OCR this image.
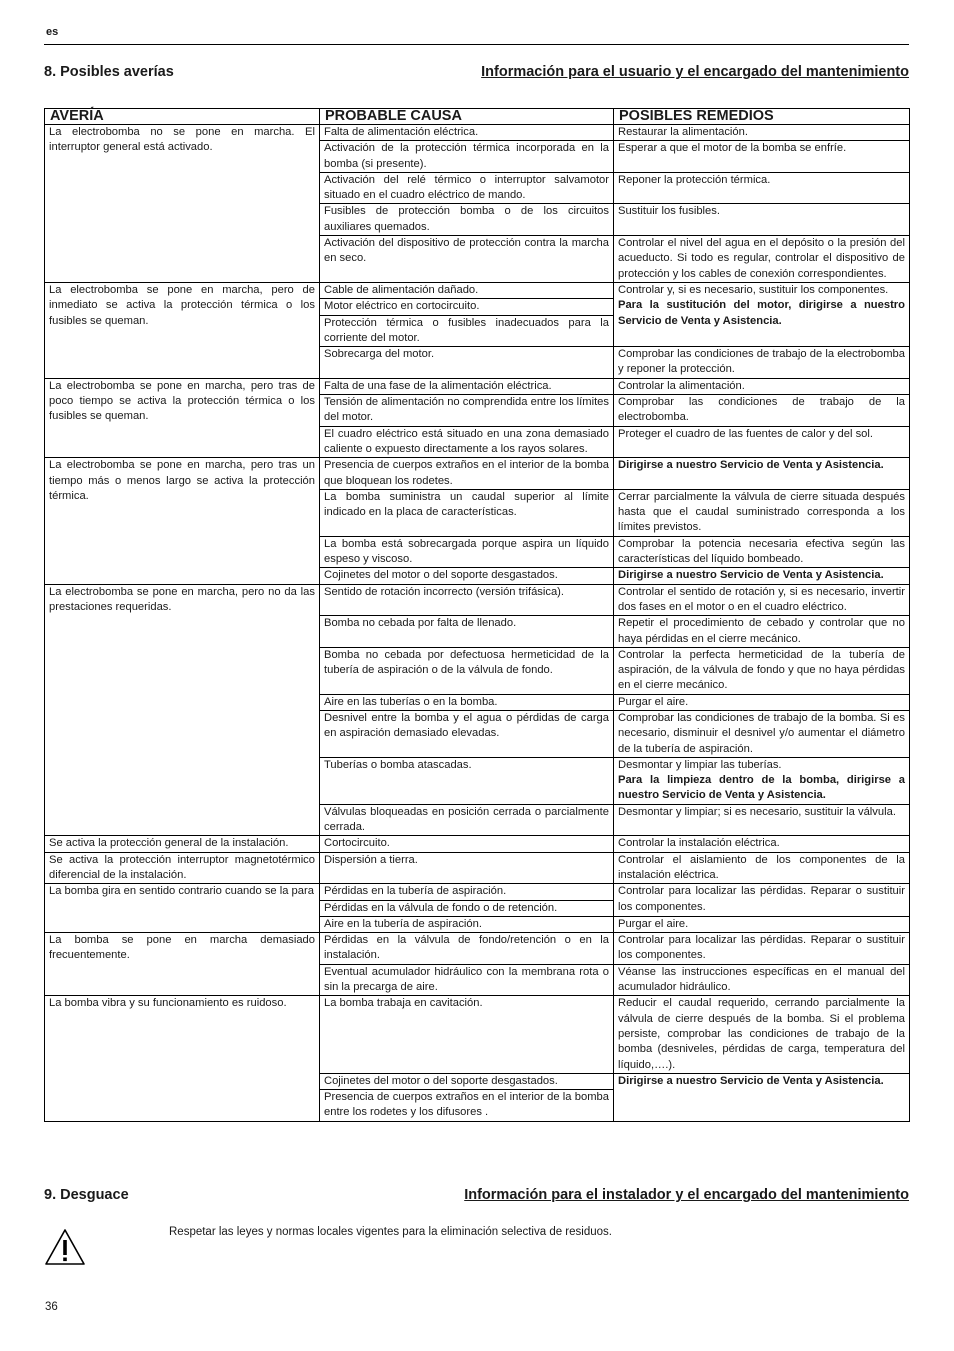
es
8. Posibles averías	Información para el usuario y el encargado del mantenimiento
AVERÍA	PROBABLE CAUSA	POSIBLES REMEDIOS
La electrobomba no se pone en marcha. El interruptor general está activado.	Falta de alimentación eléctrica.	Restaurar la alimentación.
	Activación de la protección térmica incorporada en la bomba (si presente).	Esperar a que el motor de la bomba se enfríe.
	Activación del relé térmico o interruptor salvamotor situado en el cuadro eléctrico de mando.	Reponer la protección térmica.
	Fusibles de protección bomba o de los circuitos auxiliares quemados.	Sustituir los fusibles.
	Activación del dispositivo de protección contra la marcha en seco.	Controlar el nivel del agua en el depósito o la presión del acueducto. Si todo es regular, controlar el dispositivo de protección y los cables de conexión correspondientes.
La electrobomba se pone en marcha, pero de inmediato se activa la protección térmica o los fusibles se queman.	Cable de alimentación dañado.	Controlar y, si es necesario, sustituir los componentes.
Para la sustitución del motor, dirigirse a nuestro Servicio de Venta y Asistencia.

	Motor eléctrico en cortocircuito.	
	Protección térmica o fusibles inadecuados para la corriente del motor.	
	Sobrecarga del motor.	Comprobar las condiciones de trabajo de la electrobomba y reponer la protección.
La electrobomba se pone en marcha, pero tras de poco tiempo se activa la protección térmica o los fusibles se queman.	Falta de una fase de la alimentación eléctrica.	Controlar la alimentación.
	Tensión de alimentación no comprendida entre los límites del motor.	Comprobar las condiciones de trabajo de la electrobomba.
	El cuadro eléctrico está situado en una zona demasiado caliente o expuesto directamente a los rayos solares.	Proteger el cuadro de las fuentes de calor y del sol.
La electrobomba se pone en marcha, pero tras un tiempo más o menos largo se activa la protección térmica.	Presencia de cuerpos extraños en el interior de la bomba que bloquean los rodetes.	Dirigirse a nuestro Servicio de Venta y Asistencia.

	La bomba suministra un caudal superior al límite indicado en la placa de características.	Cerrar parcialmente la válvula de cierre situada después hasta que el caudal suministrado corresponda a los límites previstos.
	La bomba está sobrecargada porque aspira un líquido espeso y viscoso.	Comprobar la potencia necesaria efectiva según las características del líquido bombeado.
	Cojinetes del motor o del soporte desgastados.	Dirigirse a nuestro Servicio de Venta y Asistencia.

La electrobomba se pone en marcha, pero no da las prestaciones requeridas.	Sentido de rotación incorrecto (versión trifásica).	Controlar el sentido de rotación y, si es necesario, invertir dos fases en el motor o en el cuadro eléctrico.
	Bomba no cebada por falta de llenado.	Repetir el procedimiento de cebado y controlar que no haya pérdidas en el cierre mecánico.
	Bomba no cebada por defectuosa hermeticidad de la tubería de aspiración o de la válvula de fondo.	Controlar la perfecta hermeticidad de la tubería de aspiración, de la válvula de fondo y que no haya pérdidas en el cierre mecánico.
	Aire en las tuberías o en la bomba.	Purgar el aire.
	Desnivel entre la bomba y el agua o pérdidas de carga en aspiración demasiado elevadas.	Comprobar las condiciones de trabajo de la bomba. Si es necesario, disminuir el desnivel y/o aumentar el diámetro de la tubería de aspiración.
	Tuberías o bomba atascadas.	Desmontar y limpiar las tuberías.
Para la limpieza dentro de la bomba, dirigirse a nuestro Servicio de Venta y Asistencia.

	Válvulas bloqueadas en posición cerrada o parcialmente cerrada.	Desmontar y limpiar; si es necesario, sustituir la válvula.
Se activa la protección general de la instalación.	Cortocircuito.	Controlar la instalación eléctrica.
Se activa la protección interruptor magnetotérmico diferencial de la instalación.	Dispersión a tierra.	Controlar el aislamiento de los componentes de la instalación eléctrica.
La bomba gira en sentido contrario cuando se la para	Pérdidas en la tubería de aspiración.	Controlar para localizar las pérdidas. Reparar o sustituir los componentes.
	Pérdidas en la válvula de fondo o de retención.	
	Aire en la tubería de aspiración.	Purgar el aire.
La bomba se pone en marcha demasiado frecuentemente.	Pérdidas en la válvula de fondo/retención o en la instalación.	Controlar para localizar las pérdidas. Reparar o sustituir los componentes.
	Eventual acumulador hidráulico con la membrana rota o sin la precarga de aire.	Véanse las instrucciones específicas en el manual del acumulador hidráulico.
La bomba vibra y su funcionamiento es ruidoso.	La bomba trabaja en cavitación.	Reducir el caudal requerido, cerrando parcialmente la válvula de cierre después de la bomba. Si el problema persiste, comprobar las condiciones de trabajo de la bomba (desniveles, pérdidas de carga, temperatura del líquido,….).
	Cojinetes del motor o del soporte desgastados.	Dirigirse a nuestro Servicio de Venta y Asistencia.

	Presencia de cuerpos extraños en el interior de la bomba entre los rodetes y los difusores .	
9. Desguace	Información para el instalador y el encargado del mantenimiento
Respetar las leyes y normas locales vigentes para la eliminación selectiva de residuos.
36
